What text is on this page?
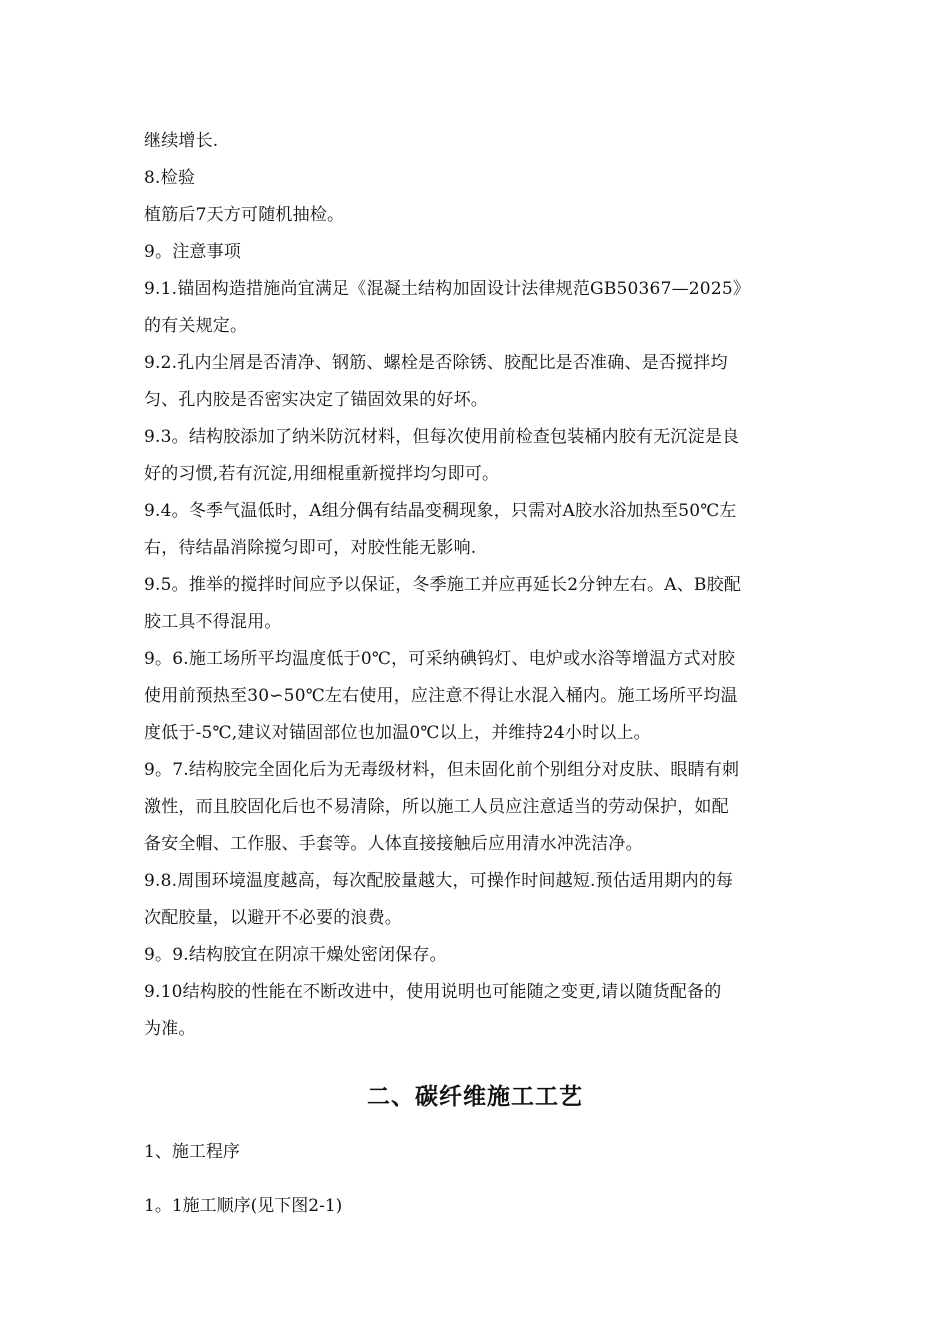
继续增长.
8.检验
植筋后7天方可随机抽检。
9。注意事项
9.1.锚固构造措施尚宜满足《混凝土结构加固设计法律规范GB50367—2025》
的有关规定。
9.2.孔内尘屑是否清净、钢筋、螺栓是否除锈、胶配比是否准确、是否搅拌均
匀、孔内胶是否密实决定了锚固效果的好坏。
9.3。结构胶添加了纳米防沉材料，但每次使用前检查包装桶内胶有无沉淀是良
好的习惯,若有沉淀,用细棍重新搅拌均匀即可。
9.4。冬季气温低时，A组分偶有结晶变稠现象，只需对A胶水浴加热至50℃左
右，待结晶消除搅匀即可，对胶性能无影响.
9.5。推举的搅拌时间应予以保证，冬季施工并应再延长2分钟左右。A、B胶配
胶工具不得混用。
9。6.施工场所平均温度低于0℃，可采纳碘钨灯、电炉或水浴等增温方式对胶
使用前预热至30∽50℃左右使用，应注意不得让水混入桶内。施工场所平均温
度低于-5℃,建议对锚固部位也加温0℃以上，并维持24小时以上。
9。7.结构胶完全固化后为无毒级材料，但未固化前个别组分对皮肤、眼睛有刺
激性，而且胶固化后也不易清除，所以施工人员应注意适当的劳动保护，如配
备安全帽、工作服、手套等。人体直接接触后应用清水冲洗洁净。
9.8.周围环境温度越高，每次配胶量越大，可操作时间越短.预估适用期内的每
次配胶量，以避开不必要的浪费。
9。9.结构胶宜在阴凉干燥处密闭保存。
9.10结构胶的性能在不断改进中，使用说明也可能随之变更,请以随货配备的
为准。
二、碳纤维施工工艺
1、施工程序
1。1施工顺序(见下图2-1)
